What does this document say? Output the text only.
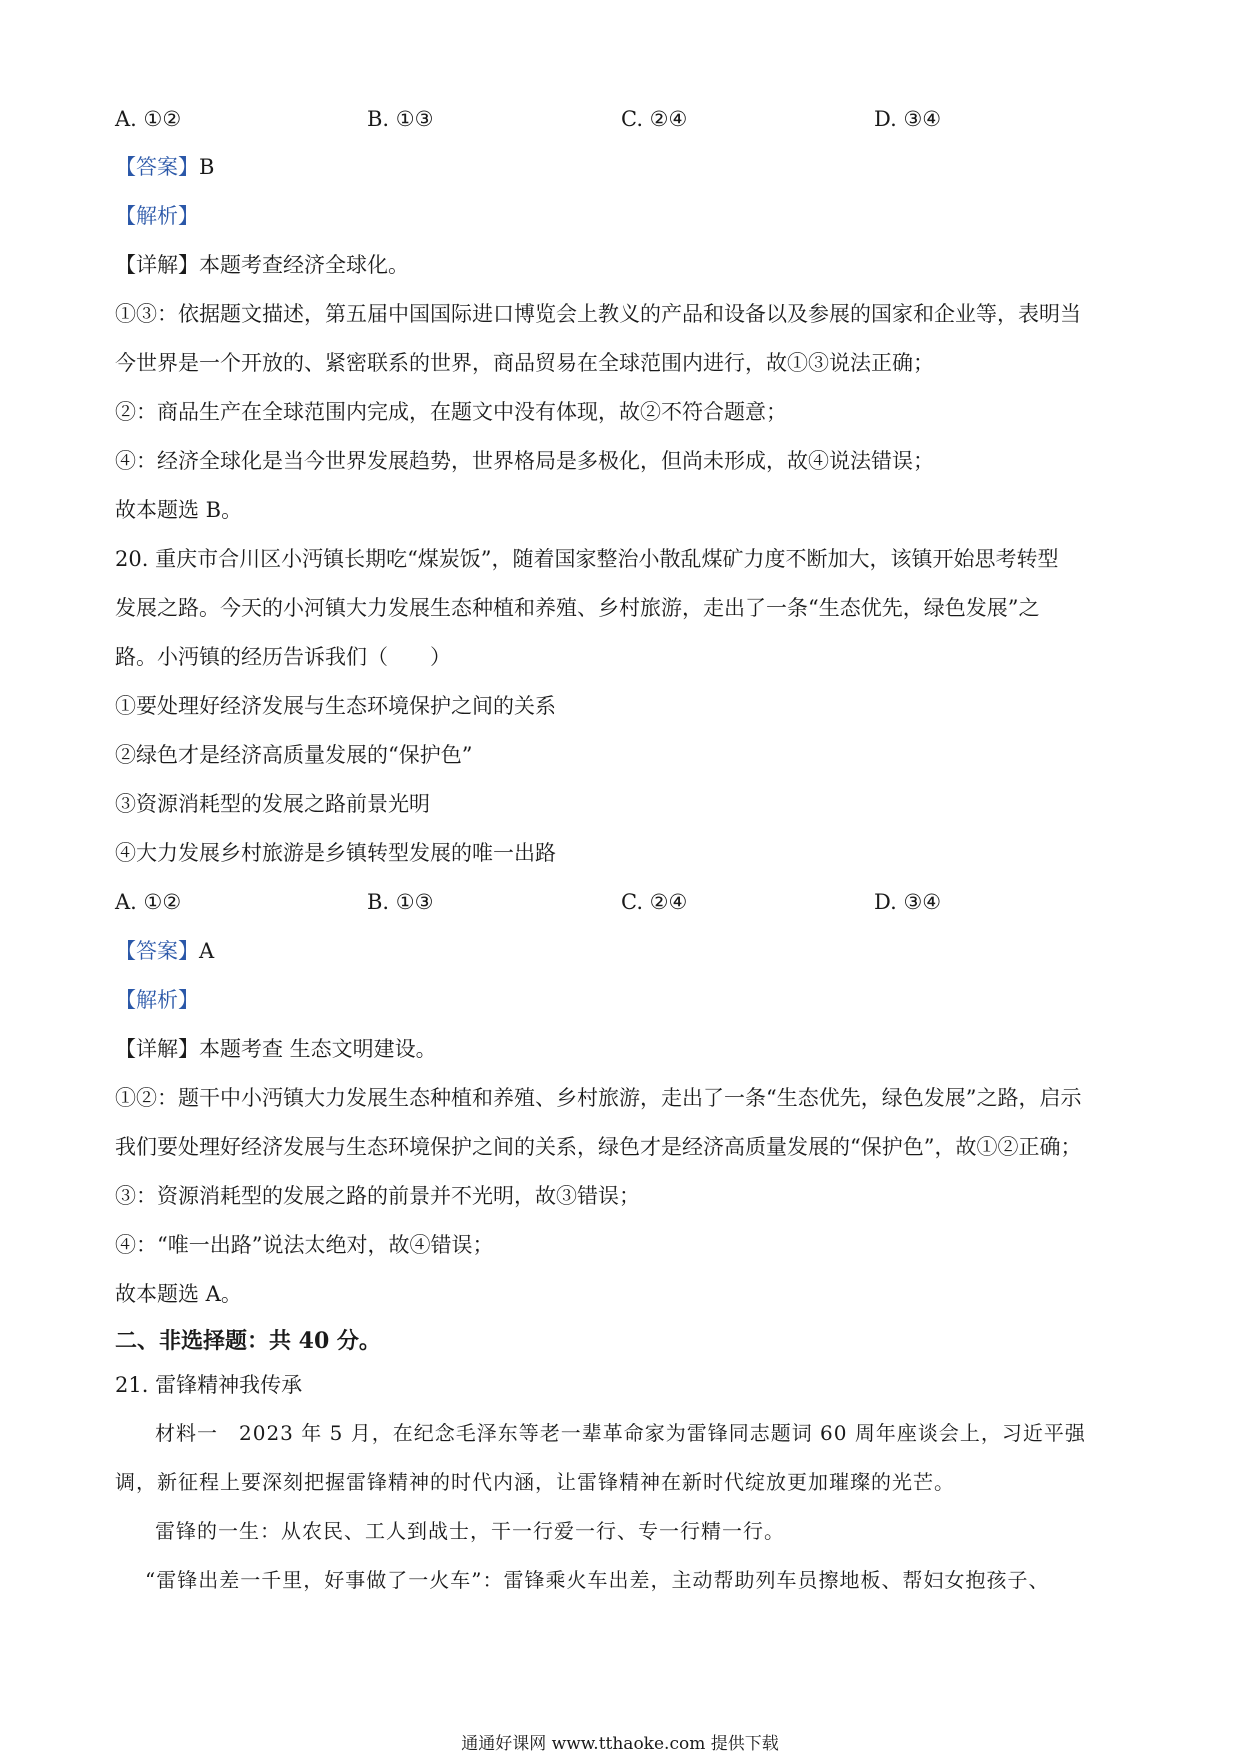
A. ①②	B. ①③	C. ②④	D. ③④
【答案】B
【解析】
【详解】本题考查经济全球化。
①③：依据题文描述，第五届中国国际进口博览会上教义的产品和设备以及参展的国家和企业等，表明当
今世界是一个开放的、紧密联系的世界，商品贸易在全球范围内进行，故①③说法正确；
②：商品生产在全球范围内完成，在题文中没有体现，故②不符合题意；
④：经济全球化是当今世界发展趋势，世界格局是多极化，但尚未形成，故④说法错误；
故本题选 B。
20. 重庆市合川区小沔镇长期吃“煤炭饭”，随着国家整治小散乱煤矿力度不断加大，该镇开始思考转型
发展之路。今天的小河镇大力发展生态种植和养殖、乡村旅游，走出了一条“生态优先，绿色发展”之
路。小沔镇的经历告诉我们（　　）
①要处理好经济发展与生态环境保护之间的关系
②绿色才是经济高质量发展的“保护色”
③资源消耗型的发展之路前景光明
④大力发展乡村旅游是乡镇转型发展的唯一出路
A. ①②	B. ①③	C. ②④	D. ③④
【答案】A
【解析】
【详解】本题考查 生态文明建设。
①②：题干中小沔镇大力发展生态种植和养殖、乡村旅游，走出了一条“生态优先，绿色发展”之路，启示
我们要处理好经济发展与生态环境保护之间的关系，绿色才是经济高质量发展的“保护色”，故①②正确；
③：资源消耗型的发展之路的前景并不光明，故③错误；
④：“唯一出路”说法太绝对，故④错误；
故本题选 A。
二、非选择题：共 40 分。
21. 雷锋精神我传承
材料一　2023 年 5 月，在纪念毛泽东等老一辈革命家为雷锋同志题词 60 周年座谈会上，习近平强
调，新征程上要深刻把握雷锋精神的时代内涵，让雷锋精神在新时代绽放更加璀璨的光芒。
雷锋的一生：从农民、工人到战士，干一行爱一行、专一行精一行。
“雷锋出差一千里，好事做了一火车”：雷锋乘火车出差，主动帮助列车员擦地板、帮妇女抱孩子、
通通好课网 www.tthaoke.com 提供下载
